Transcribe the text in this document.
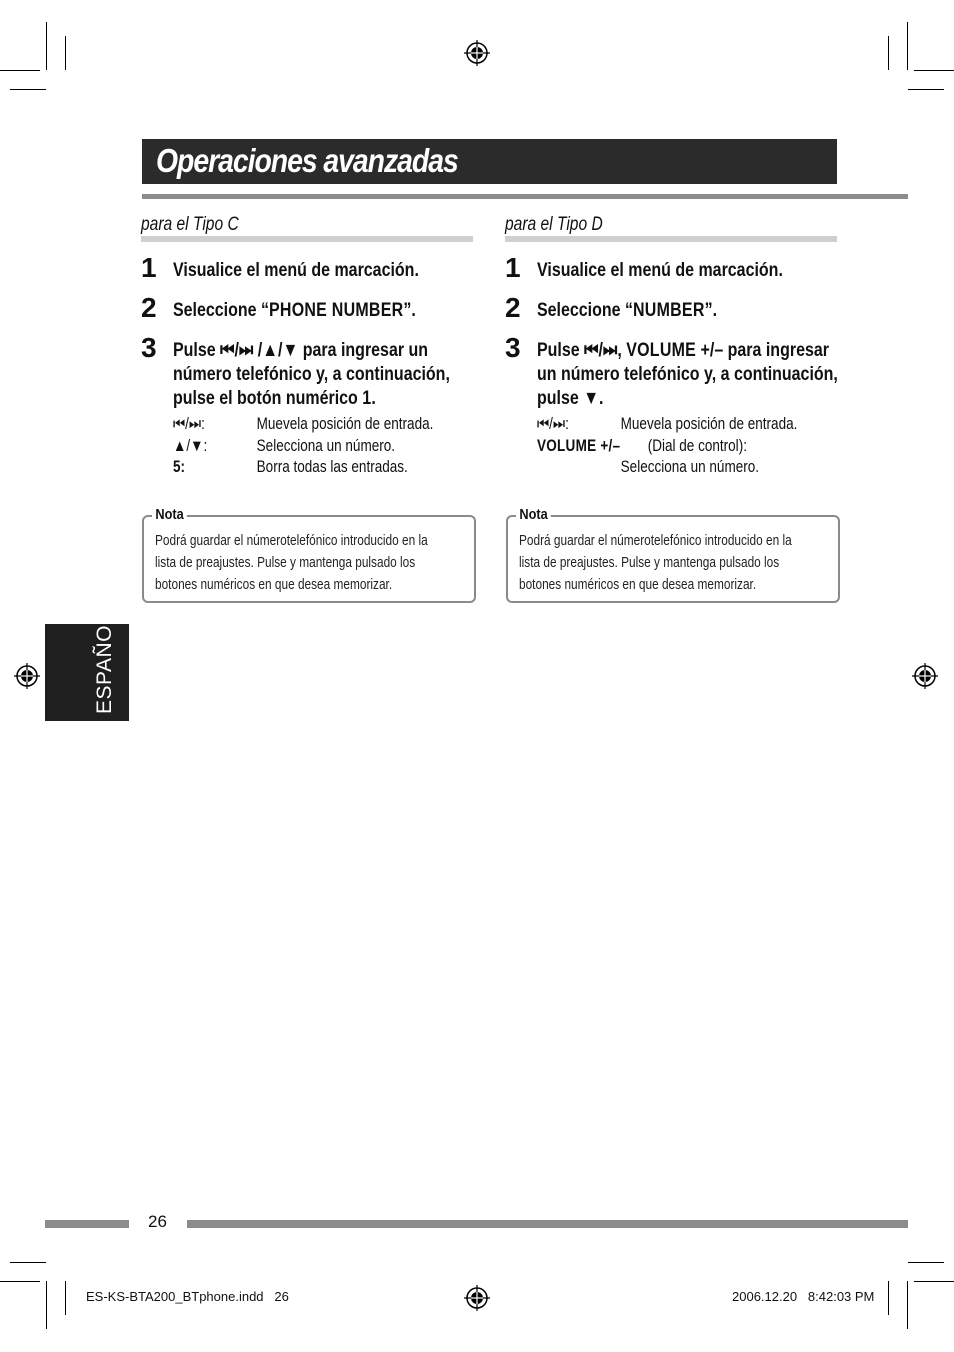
Operaciones avanzadas
para el Tipo C
1 Visualice el menú de marcación.
2 Seleccione “PHONE NUMBER”.
3 Pulse ⏮/⏭ /▲/▼ para ingresar un número telefónico y, a continuación, pulse el botón numérico 1.
⏮/⏭:	Muevela posición de entrada.
▲/▼:	Selecciona un número.
5:	Borra todas las entradas.
Nota
Podrá guardar el númerotelefónico introducido en la lista de preajustes. Pulse y mantenga pulsado los botones numéricos en que desea memorizar.
para el Tipo D
1 Visualice el menú de marcación.
2 Seleccione “NUMBER”.
3 Pulse ⏮/⏭, VOLUME +/– para ingresar un número telefónico y, a continuación, pulse ▼.
⏮/⏭:	Muevela posición de entrada.
VOLUME +/– (Dial de control):
Selecciona un número.
Nota
Podrá guardar el númerotelefónico introducido en la lista de preajustes. Pulse y mantenga pulsado los botones numéricos en que desea memorizar.
ESPAÑOL
26
ES-KS-BTA200_BTphone.indd   26	2006.12.20   8:42:03 PM
